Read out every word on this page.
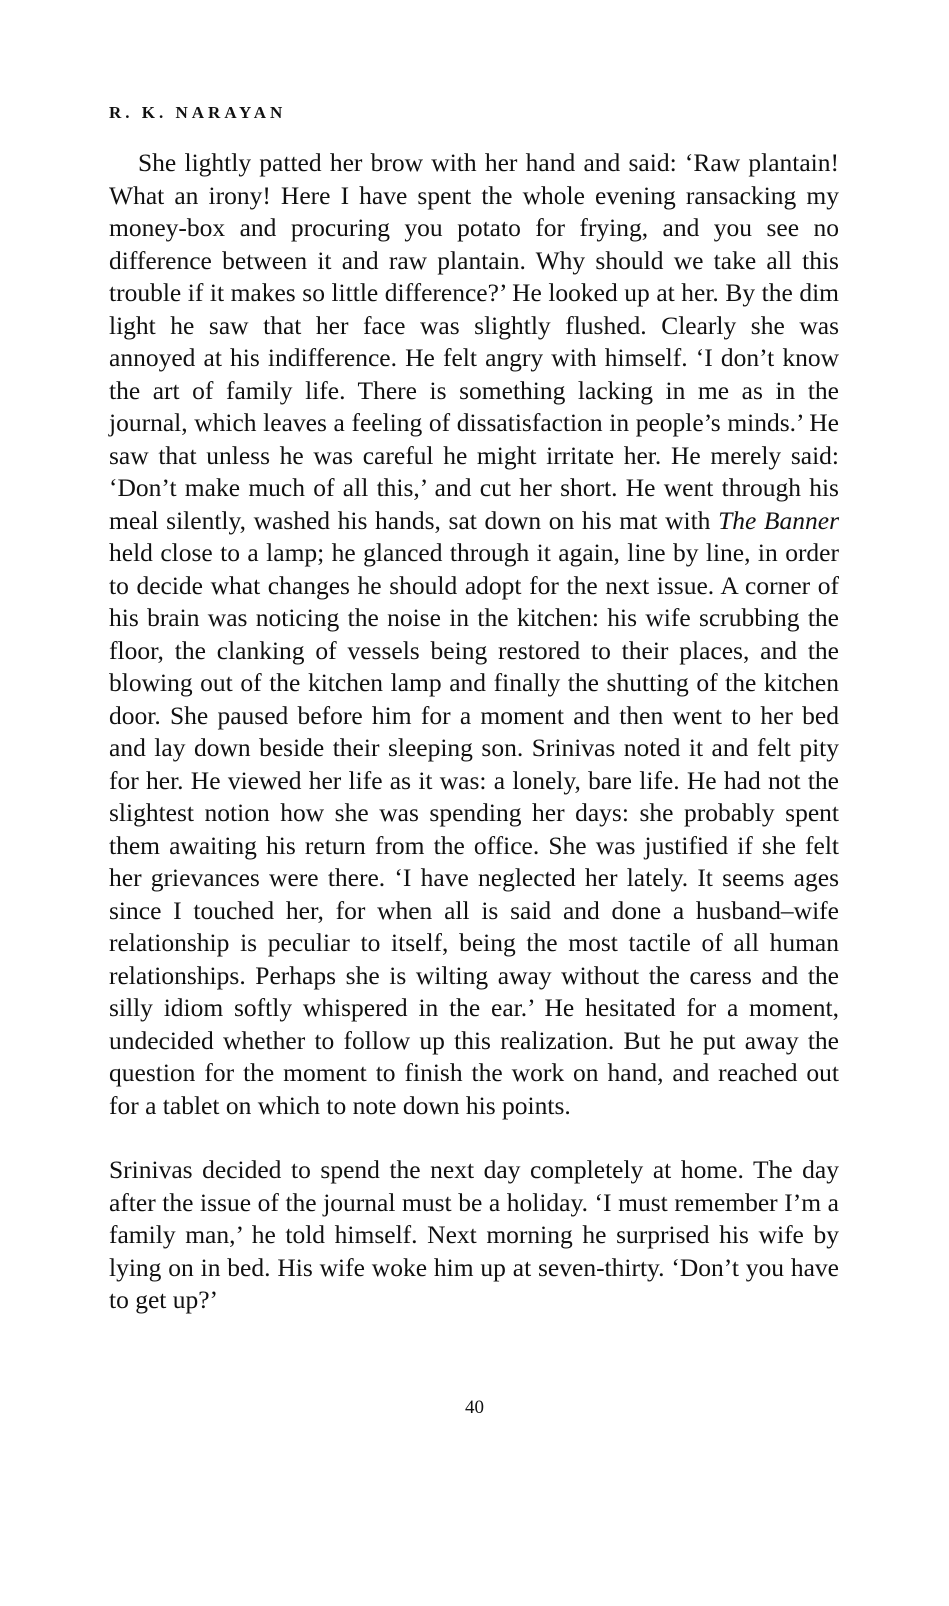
R. K. NARAYAN

She lightly patted her brow with her hand and said: ‘Raw plantain! What an irony! Here I have spent the whole evening ransacking my money-box and procuring you potato for frying, and you see no difference between it and raw plantain. Why should we take all this trouble if it makes so little difference?’ He looked up at her. By the dim light he saw that her face was slightly flushed. Clearly she was annoyed at his indifference. He felt angry with himself. ‘I don’t know the art of family life. There is something lacking in me as in the journal, which leaves a feeling of dissatisfaction in people’s minds.’ He saw that unless he was careful he might irritate her. He merely said: ‘Don’t make much of all this,’ and cut her short. He went through his meal silently, washed his hands, sat down on his mat with The Banner held close to a lamp; he glanced through it again, line by line, in order to decide what changes he should adopt for the next issue. A corner of his brain was noticing the noise in the kitchen: his wife scrubbing the floor, the clanking of vessels being restored to their places, and the blowing out of the kitchen lamp and finally the shutting of the kitchen door. She paused before him for a moment and then went to her bed and lay down beside their sleeping son. Srinivas noted it and felt pity for her. He viewed her life as it was: a lonely, bare life. He had not the slightest notion how she was spending her days: she probably spent them awaiting his return from the office. She was justified if she felt her grievances were there. ‘I have neglected her lately. It seems ages since I touched her, for when all is said and done a husband–wife relationship is peculiar to itself, being the most tactile of all human relationships. Perhaps she is wilting away without the caress and the silly idiom softly whispered in the ear.’ He hesitated for a moment, undecided whether to follow up this realization. But he put away the question for the moment to finish the work on hand, and reached out for a tablet on which to note down his points.

Srinivas decided to spend the next day completely at home. The day after the issue of the journal must be a holiday. ‘I must remember I’m a family man,’ he told himself. Next morning he surprised his wife by lying on in bed. His wife woke him up at seven-thirty. ‘Don’t you have to get up?’

40
